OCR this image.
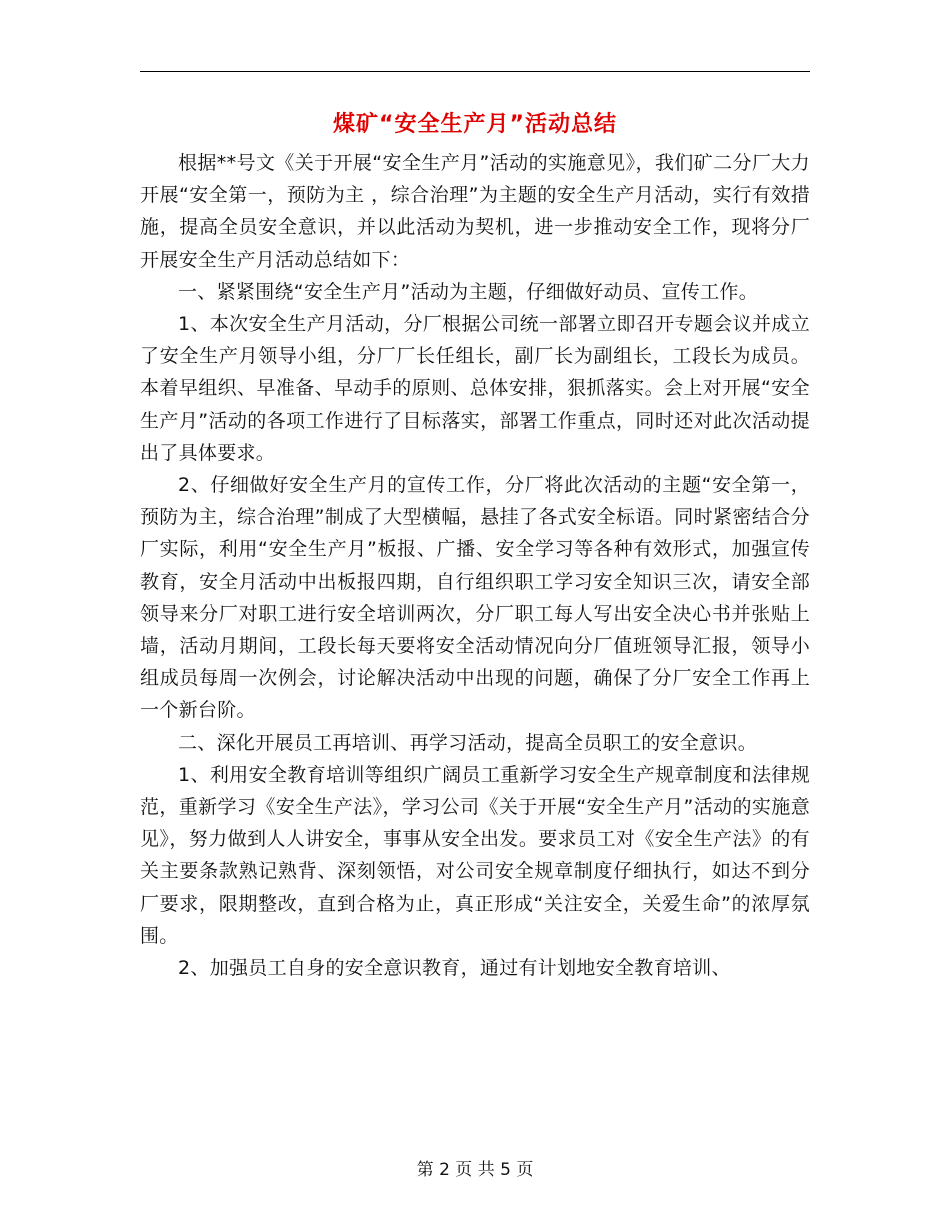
煤矿“安全生产月”活动总结

根据**号文《关于开展“安全生产月”活动的实施意见》，我们矿二分厂大力开展“安全第一，预防为主 ，综合治理”为主题的安全生产月活动，实行有效措施，提高全员安全意识，并以此活动为契机，进一步推动安全工作，现将分厂开展安全生产月活动总结如下：

一、紧紧围绕“安全生产月”活动为主题，仔细做好动员、宣传工作。

1、本次安全生产月活动，分厂根据公司统一部署立即召开专题会议并成立了安全生产月领导小组，分厂厂长任组长，副厂长为副组长，工段长为成员。本着早组织、早准备、早动手的原则、总体安排，狠抓落实。会上对开展“安全生产月”活动的各项工作进行了目标落实，部署工作重点，同时还对此次活动提出了具体要求。

2、仔细做好安全生产月的宣传工作，分厂将此次活动的主题“安全第一，预防为主，综合治理”制成了大型横幅，悬挂了各式安全标语。同时紧密结合分厂实际，利用“安全生产月”板报、广播、安全学习等各种有效形式，加强宣传教育，安全月活动中出板报四期，自行组织职工学习安全知识三次，请安全部领导来分厂对职工进行安全培训两次，分厂职工每人写出安全决心书并张贴上墙，活动月期间，工段长每天要将安全活动情况向分厂值班领导汇报，领导小组成员每周一次例会，讨论解决活动中出现的问题，确保了分厂安全工作再上一个新台阶。

二、深化开展员工再培训、再学习活动，提高全员职工的安全意识。

1、利用安全教育培训等组织广阔员工重新学习安全生产规章制度和法律规范，重新学习《安全生产法》，学习公司《关于开展“安全生产月”活动的实施意见》，努力做到人人讲安全，事事从安全出发。要求员工对《安全生产法》的有关主要条款熟记熟背、深刻领悟，对公司安全规章制度仔细执行，如达不到分厂要求，限期整改，直到合格为止，真正形成“关注安全，关爱生命”的浓厚氛围。

2、加强员工自身的安全意识教育，通过有计划地安全教育培训、

第 2 页 共 5 页
